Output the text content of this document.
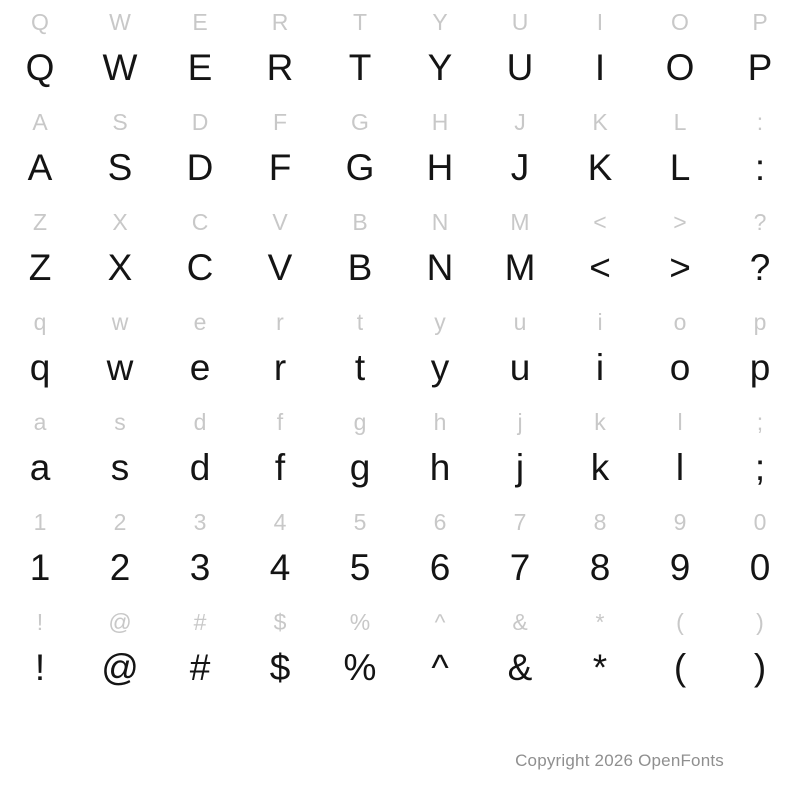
Q
Q
W
W
E
E
R
R
T
T
Y
Y
U
U
I
I
O
O
P
P
A
A
S
S
D
D
F
F
G
G
H
H
J
J
K
K
L
L
:
:
Z
Z
X
X
C
C
V
V
B
B
N
N
M
M
<
<
>
>
?
?
q
q
w
w
e
e
r
r
t
t
y
y
u
u
i
i
o
o
p
p
a
a
s
s
d
d
f
f
g
g
h
h
j
j
k
k
l
l
;
;
1
1
2
2
3
3
4
4
5
5
6
6
7
7
8
8
9
9
0
0
!
!
@
@
#
#
$
$
%
%
^
^
&
&
*
*
(
(
)
)
Copyright 2026 OpenFonts
